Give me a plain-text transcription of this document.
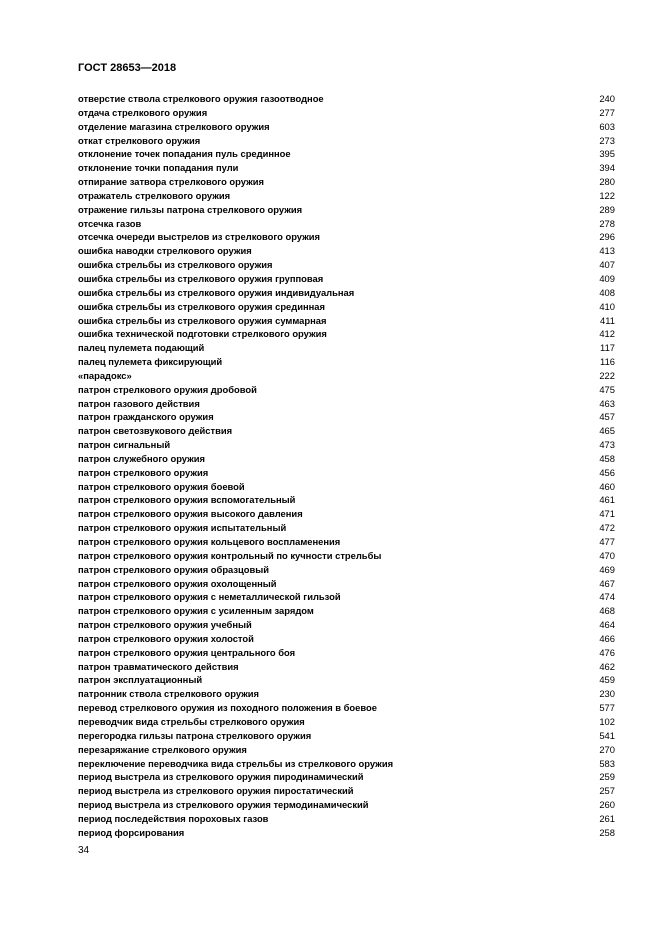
ГОСТ 28653—2018
отверстие ствола стрелкового оружия газоотводное	240
отдача стрелкового оружия	277
отделение магазина стрелкового оружия	603
откат стрелкового оружия	273
отклонение точек попадания пуль срединное	395
отклонение точки попадания пули	394
отпирание затвора стрелкового оружия	280
отражатель стрелкового оружия	122
отражение гильзы патрона стрелкового оружия	289
отсечка газов	278
отсечка очереди выстрелов из стрелкового оружия	296
ошибка наводки стрелкового оружия	413
ошибка стрельбы из стрелкового оружия	407
ошибка стрельбы из стрелкового оружия групповая	409
ошибка стрельбы из стрелкового оружия индивидуальная	408
ошибка стрельбы из стрелкового оружия срединная	410
ошибка стрельбы из стрелкового оружия суммарная	411
ошибка технической подготовки стрелкового оружия	412
палец пулемета подающий	117
палец пулемета фиксирующий	116
«парадокс»	222
патрон стрелкового оружия дробовой	475
патрон газового действия	463
патрон гражданского оружия	457
патрон светозвукового действия	465
патрон сигнальный	473
патрон служебного оружия	458
патрон стрелкового оружия	456
патрон стрелкового оружия боевой	460
патрон стрелкового оружия вспомогательный	461
патрон стрелкового оружия высокого давления	471
патрон стрелкового оружия испытательный	472
патрон стрелкового оружия кольцевого воспламенения	477
патрон стрелкового оружия контрольный по кучности стрельбы	470
патрон стрелкового оружия образцовый	469
патрон стрелкового оружия охолощенный	467
патрон стрелкового оружия с неметаллической гильзой	474
патрон стрелкового оружия с усиленным зарядом	468
патрон стрелкового оружия учебный	464
патрон стрелкового оружия холостой	466
патрон стрелкового оружия центрального боя	476
патрон травматического действия	462
патрон эксплуатационный	459
патронник ствола стрелкового оружия	230
перевод стрелкового оружия из походного положения в боевое	577
переводчик вида стрельбы стрелкового оружия	102
перегородка гильзы патрона стрелкового оружия	541
перезаряжание стрелкового оружия	270
переключение переводчика вида стрельбы из стрелкового оружия	583
период выстрела из стрелкового оружия пиродинамический	259
период выстрела из стрелкового оружия пиростатический	257
период выстрела из стрелкового оружия термодинамический	260
период последействия пороховых газов	261
период форсирования	258
34
